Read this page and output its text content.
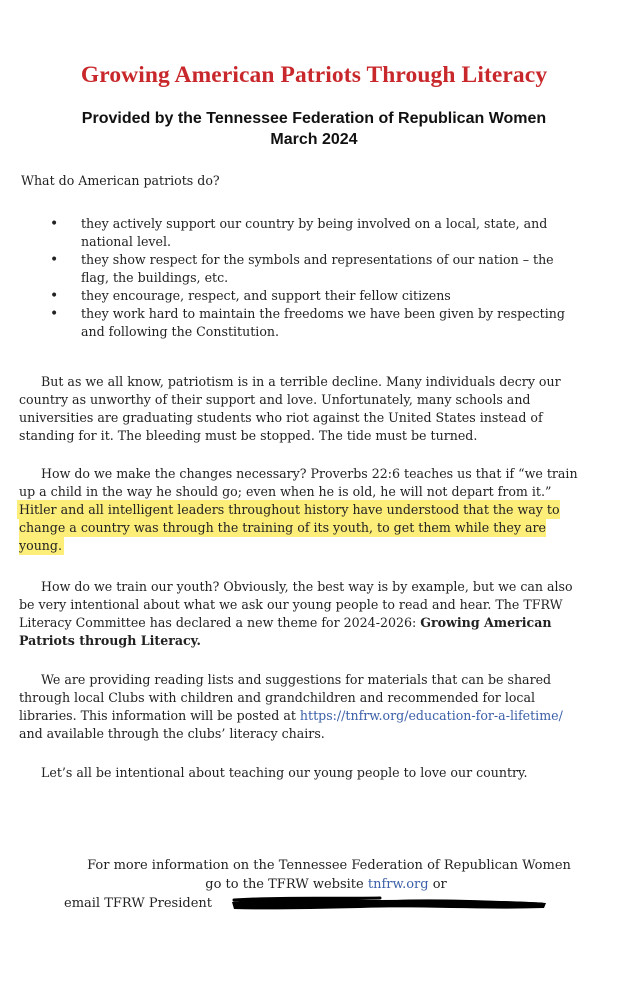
Growing American Patriots Through Literacy
Provided by the Tennessee Federation of Republican Women
March 2024
What do American patriots do?
• they actively support our country by being involved on a local, state, and national level.
• they show respect for the symbols and representations of our nation – the flag, the buildings, etc.
• they encourage, respect, and support their fellow citizens
• they work hard to maintain the freedoms we have been given by respecting and following the Constitution.
But as we all know, patriotism is in a terrible decline. Many individuals decry our country as unworthy of their support and love. Unfortunately, many schools and universities are graduating students who riot against the United States instead of standing for it. The bleeding must be stopped. The tide must be turned.
How do we make the changes necessary? Proverbs 22:6 teaches us that if “we train up a child in the way he should go; even when he is old, he will not depart from it.” Hitler and all intelligent leaders throughout history have understood that the way to change a country was through the training of its youth, to get them while they are young.
How do we train our youth? Obviously, the best way is by example, but we can also be very intentional about what we ask our young people to read and hear. The TFRW Literacy Committee has declared a new theme for 2024-2026: Growing American Patriots through Literacy.
We are providing reading lists and suggestions for materials that can be shared through local Clubs with children and grandchildren and recommended for local libraries. This information will be posted at https://tnfrw.org/education-for-a-lifetime/ and available through the clubs’ literacy chairs.
Let’s all be intentional about teaching our young people to love our country.
For more information on the Tennessee Federation of Republican Women
go to the TFRW website tnfrw.org or
email TFRW President
